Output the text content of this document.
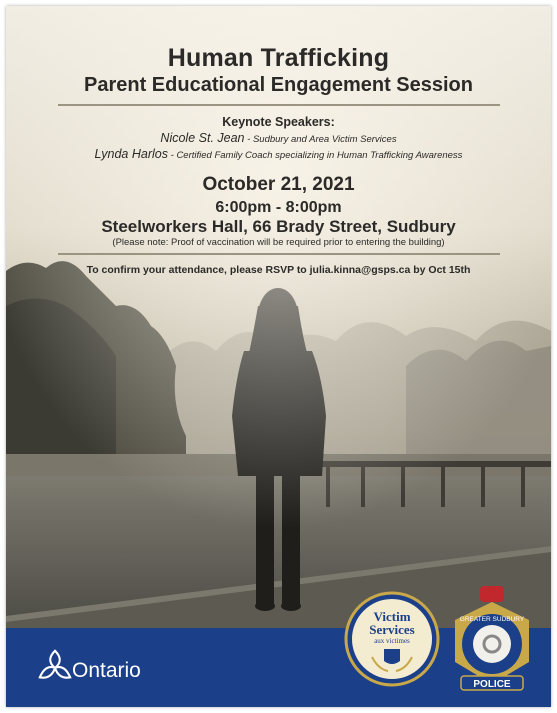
Human Trafficking
Parent Educational Engagement Session
Keynote Speakers:
Nicole St. Jean - Sudbury and Area Victim Services
Lynda Harlos - Certified Family Coach specializing in Human Trafficking Awareness
October 21, 2021
6:00pm - 8:00pm
Steelworkers Hall, 66 Brady Street, Sudbury
(Please note: Proof of vaccination will be required prior to entering the building)
To confirm your attendance, please RSVP to julia.kinna@gsps.ca by Oct 15th
Ontario
Victim
Services
aux victimes
GREATER SUDBURY
POLICE
